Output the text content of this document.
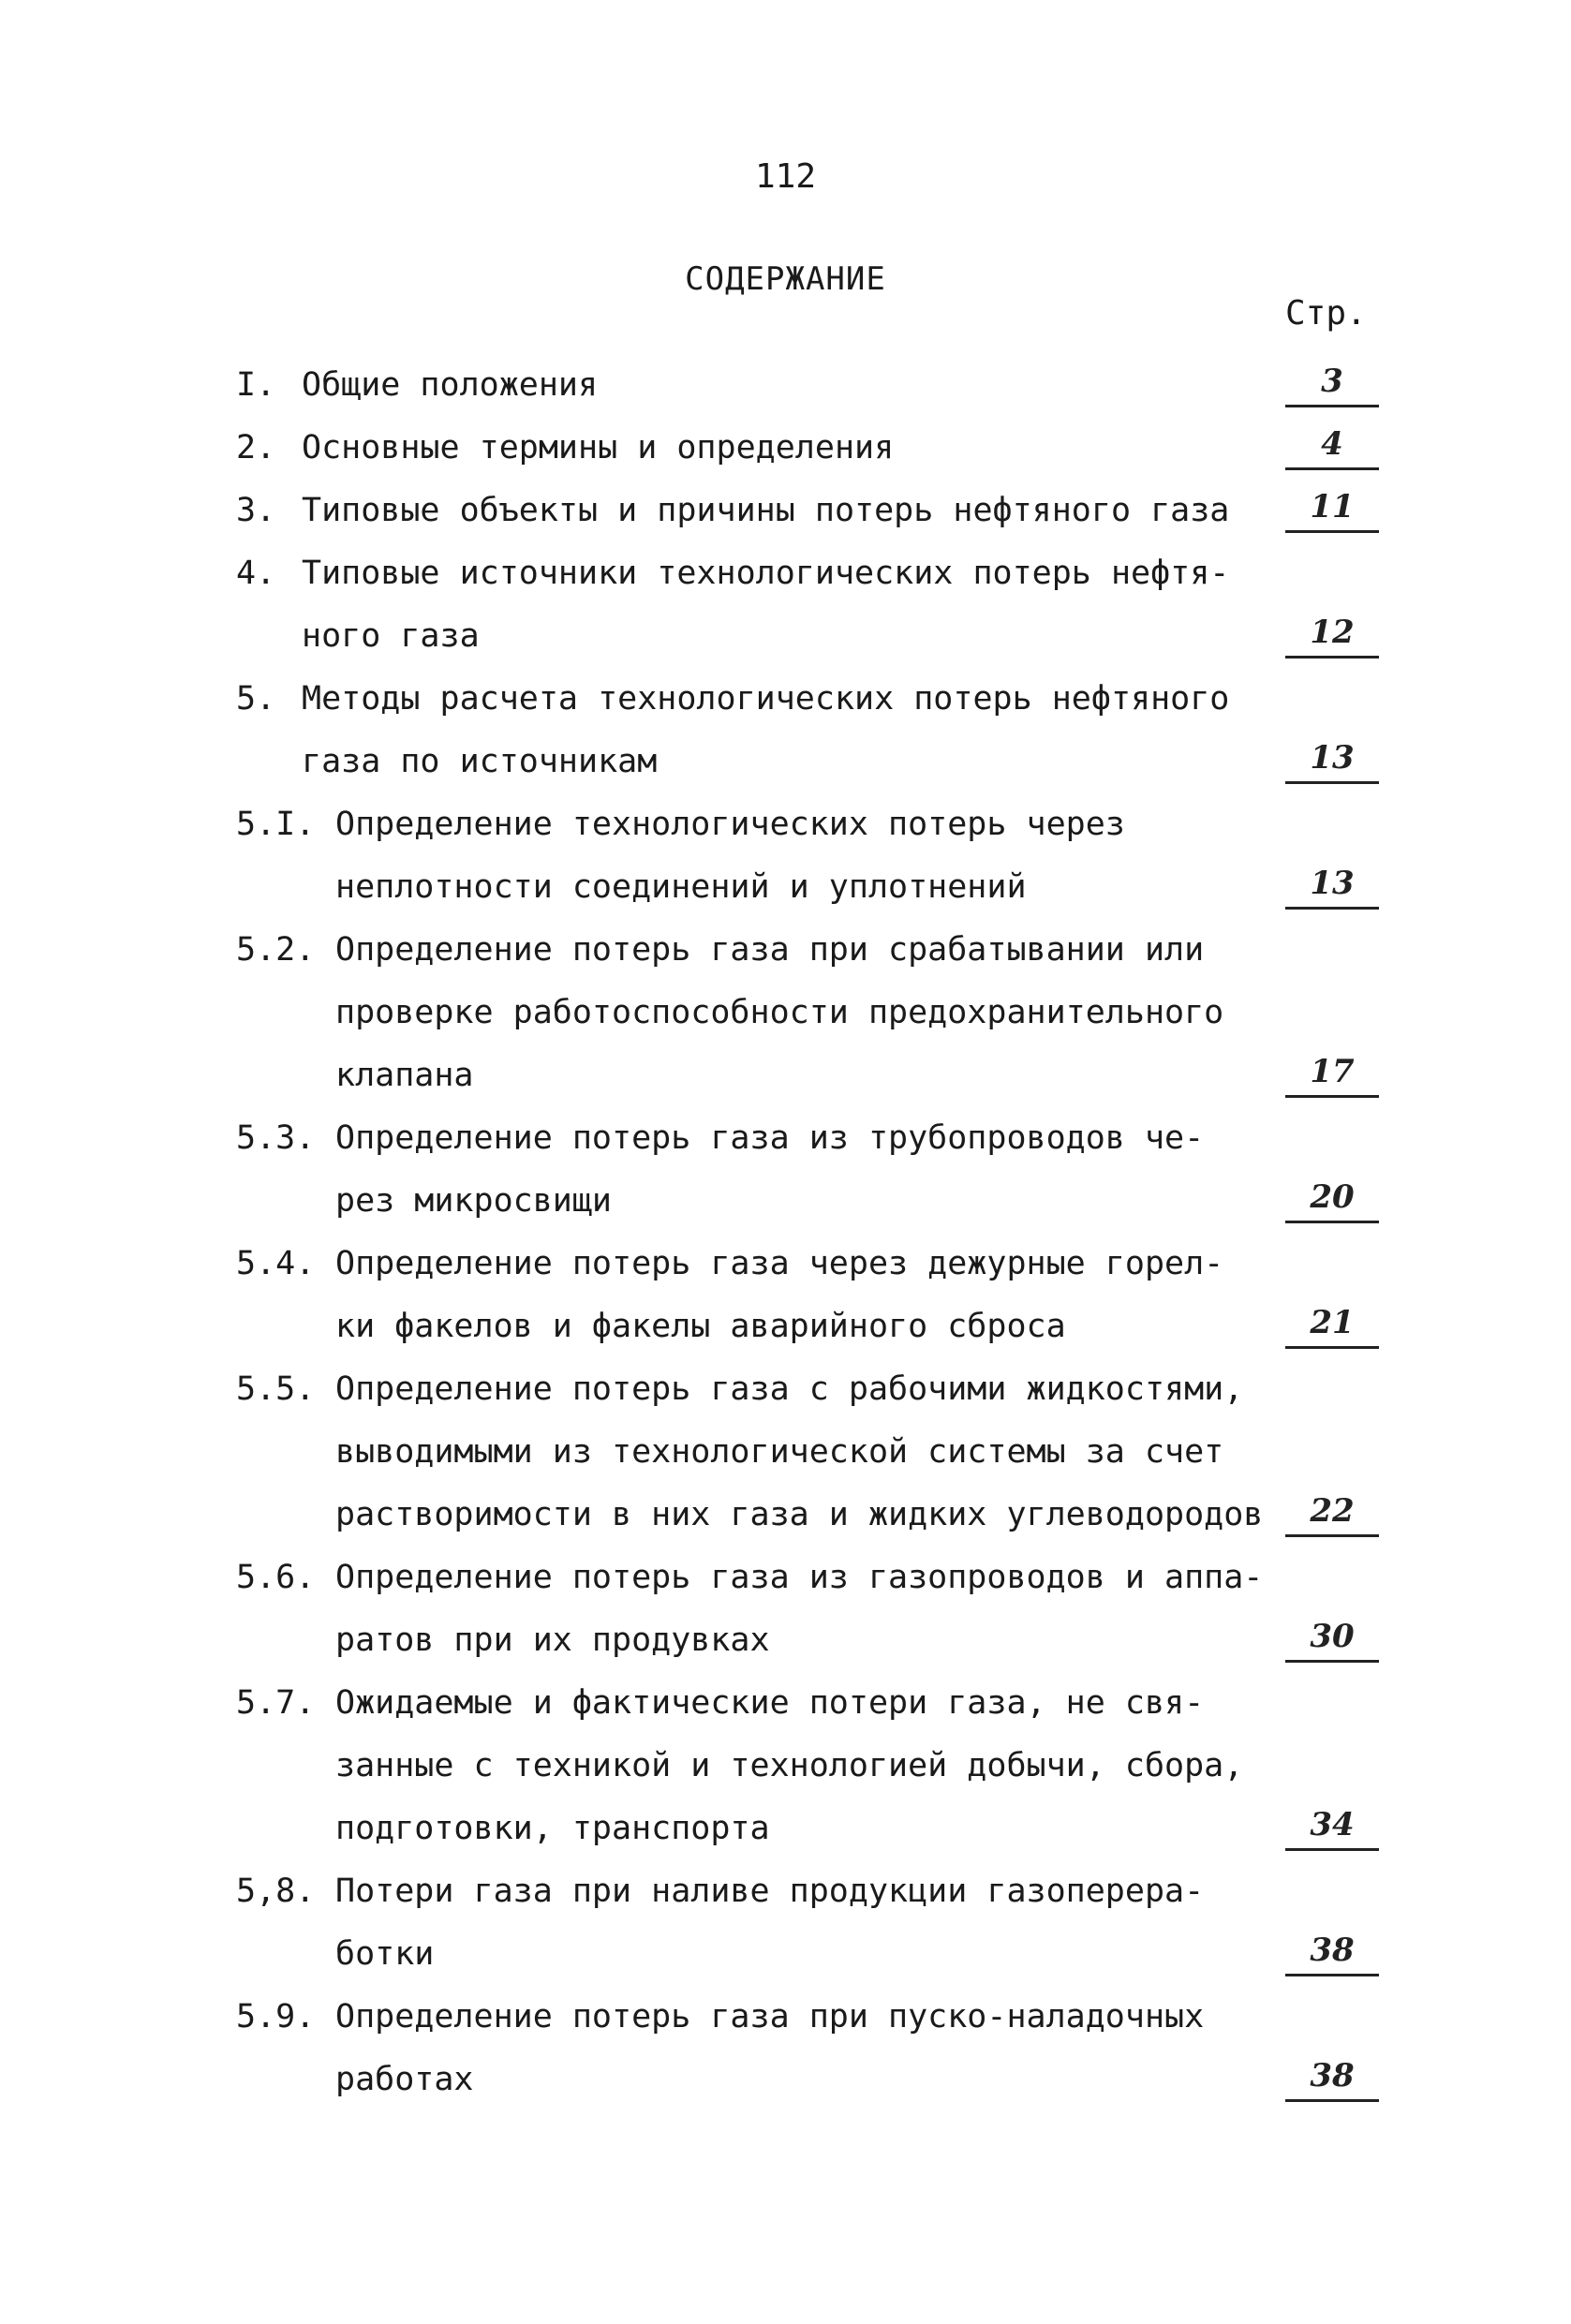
112
СОДЕРЖАНИЕ
Стр.
I. Общие положения	3
2. Основные термины и определения	4
3. Типовые объекты и причины потерь нефтяного газа	11
4. Типовые источники технологических потерь нефтя-
ного газа	12
5. Методы расчета технологических потерь нефтяного
газа по источникам	13
5.I. Определение технологических потерь через
неплотности соединений и уплотнений	13
5.2. Определение потерь газа при срабатывании или
проверке работоспособности предохранительного
клапана	17
5.3. Определение потерь газа из трубопроводов че-
рез микросвищи	20
5.4. Определение потерь газа через дежурные горел-
ки факелов и факелы аварийного сброса	21
5.5. Определение потерь газа с рабочими жидкостями,
выводимыми из технологической системы за счет
растворимости в них газа и жидких углеводородов	22
5.6. Определение потерь газа из газопроводов и аппа-
ратов при их продувках	30
5.7. Ожидаемые и фактические потери газа, не свя-
занные с техникой и технологией добычи, сбора,
подготовки, транспорта	34
5,8. Потери газа при наливе продукции газоперера-
ботки	38
5.9. Определение потерь газа при пуско-наладочных
работах	38
